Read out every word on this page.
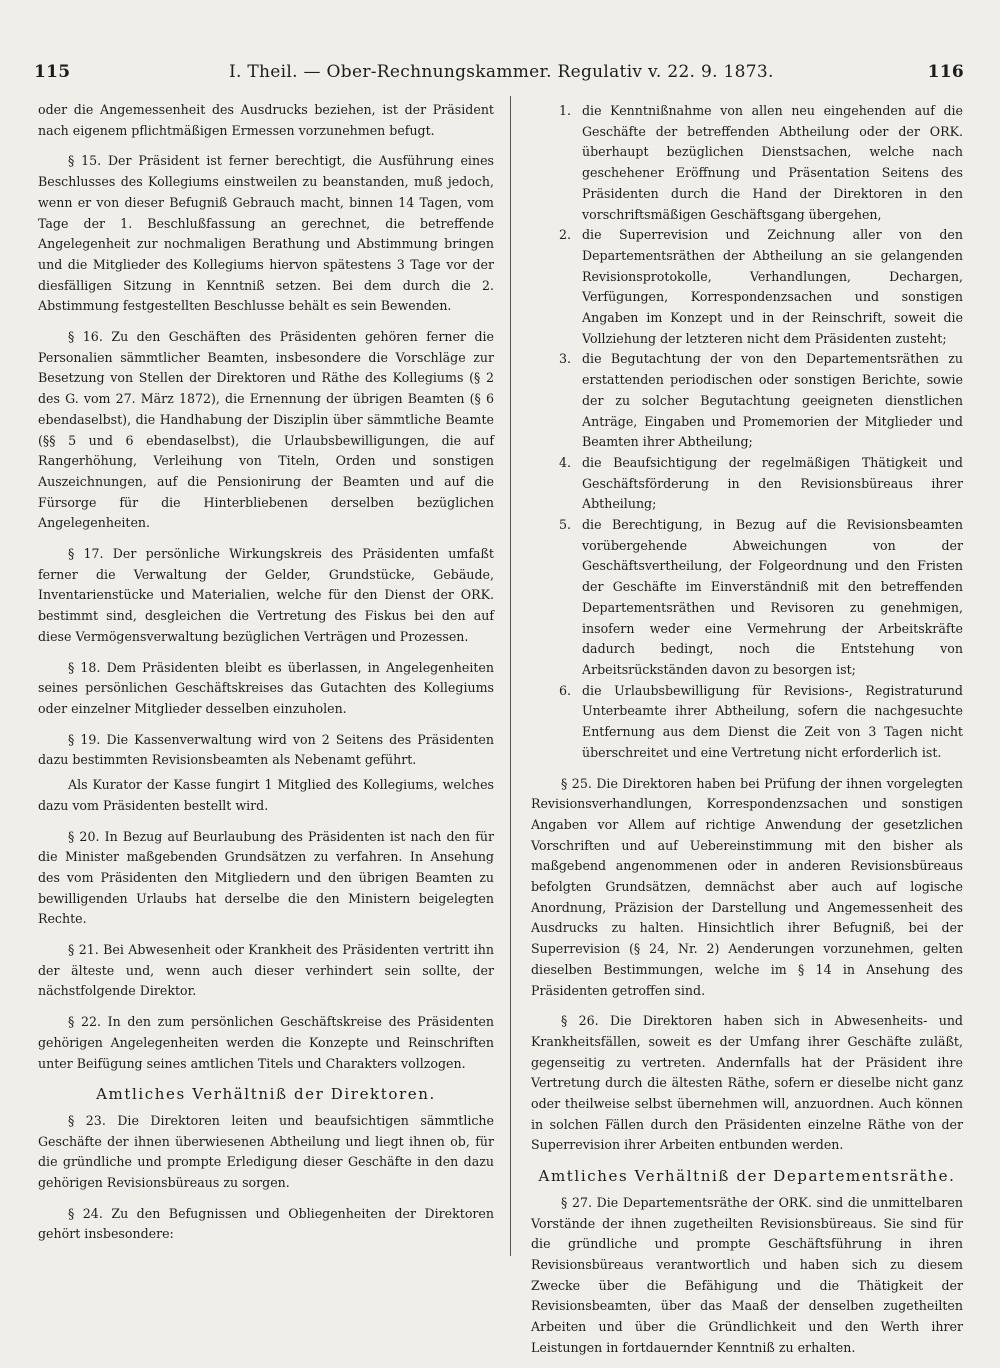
115	I. Theil. — Ober-Rechnungskammer. Regulativ v. 22. 9. 1873.	116

oder die Angemessenheit des Ausdrucks beziehen, ist der Präsident nach eigenem pflichtmäßigen Ermessen vorzunehmen befugt.

§ 15. Der Präsident ist ferner berechtigt, die Ausführung eines Beschlusses des Kollegiums einstweilen zu beanstanden, muß jedoch, wenn er von dieser Befugniß Gebrauch macht, binnen 14 Tagen, vom Tage der 1. Beschlußfassung an gerechnet, die betreffende Angelegenheit zur nochmaligen Berathung und Abstimmung bringen und die Mitglieder des Kollegiums hiervon spätestens 3 Tage vor der diesfälligen Sitzung in Kenntniß setzen. Bei dem durch die 2. Abstimmung festgestellten Beschlusse behält es sein Bewenden.

§ 16. Zu den Geschäften des Präsidenten gehören ferner die Personalien sämmtlicher Beamten, insbesondere die Vorschläge zur Besetzung von Stellen der Direktoren und Räthe des Kollegiums (§ 2 des G. vom 27. März 1872), die Ernennung der übrigen Beamten (§ 6 ebendaselbst), die Handhabung der Disziplin über sämmtliche Beamte (§§ 5 und 6 ebendaselbst), die Urlaubsbewilligungen, die auf Rangerhöhung, Verleihung von Titeln, Orden und sonstigen Auszeichnungen, auf die Pensionirung der Beamten und auf die Fürsorge für die Hinterbliebenen derselben bezüglichen Angelegenheiten.

§ 17. Der persönliche Wirkungskreis des Präsidenten umfaßt ferner die Verwaltung der Gelder, Grundstücke, Gebäude, Inventarienstücke und Materialien, welche für den Dienst der ORK. bestimmt sind, desgleichen die Vertretung des Fiskus bei den auf diese Vermögensverwaltung bezüglichen Verträgen und Prozessen.

§ 18. Dem Präsidenten bleibt es überlassen, in Angelegenheiten seines persönlichen Geschäftskreises das Gutachten des Kollegiums oder einzelner Mitglieder desselben einzuholen.

§ 19. Die Kassenverwaltung wird von 2 Seitens des Präsidenten dazu bestimmten Revisionsbeamten als Nebenamt geführt.

Als Kurator der Kasse fungirt 1 Mitglied des Kollegiums, welches dazu vom Präsidenten bestellt wird.

§ 20. In Bezug auf Beurlaubung des Präsidenten ist nach den für die Minister maßgebenden Grundsätzen zu verfahren. In Ansehung des vom Präsidenten den Mitgliedern und den übrigen Beamten zu bewilligenden Urlaubs hat derselbe die den Ministern beigelegten Rechte.

§ 21. Bei Abwesenheit oder Krankheit des Präsidenten vertritt ihn der älteste und, wenn auch dieser verhindert sein sollte, der nächstfolgende Direktor.

§ 22. In den zum persönlichen Geschäftskreise des Präsidenten gehörigen Angelegenheiten werden die Konzepte und Reinschriften unter Beifügung seines amtlichen Titels und Charakters vollzogen.

Amtliches Verhältniß der Direktoren.

§ 23. Die Direktoren leiten und beaufsichtigen sämmtliche Geschäfte der ihnen überwiesenen Abtheilung und liegt ihnen ob, für die gründliche und prompte Erledigung dieser Geschäfte in den dazu gehörigen Revisionsbüreaus zu sorgen.

§ 24. Zu den Befugnissen und Obliegenheiten der Direktoren gehört insbesondere:

1. die Kenntnißnahme von allen neu eingehenden auf die Geschäfte der betreffenden Abtheilung oder der ORK. überhaupt bezüglichen Dienstsachen, welche nach geschehener Eröffnung und Präsentation Seitens des Präsidenten durch die Hand der Direktoren in den vorschriftsmäßigen Geschäftsgang übergehen,
2. die Superrevision und Zeichnung aller von den Departementsräthen der Abtheilung an sie gelangenden Revisionsprotokolle, Verhandlungen, Dechargen, Verfügungen, Korrespondenzsachen und sonstigen Angaben im Konzept und in der Reinschrift, soweit die Vollziehung der letzteren nicht dem Präsidenten zusteht;
3. die Begutachtung der von den Departementsräthen zu erstattenden periodischen oder sonstigen Berichte, sowie der zu solcher Begutachtung geeigneten dienstlichen Anträge, Eingaben und Promemorien der Mitglieder und Beamten ihrer Abtheilung;
4. die Beaufsichtigung der regelmäßigen Thätigkeit und Geschäftsförderung in den Revisionsbüreaus ihrer Abtheilung;
5. die Berechtigung, in Bezug auf die Revisionsbeamten vorübergehende Abweichungen von der Geschäftsvertheilung, der Folgeordnung und den Fristen der Geschäfte im Einverständniß mit den betreffenden Departementsräthen und Revisoren zu genehmigen, insofern weder eine Vermehrung der Arbeitskräfte dadurch bedingt, noch die Entstehung von Arbeitsrückständen davon zu besorgen ist;
6. die Urlaubsbewilligung für Revisions-, Registraturund Unterbeamte ihrer Abtheilung, sofern die nachgesuchte Entfernung aus dem Dienst die Zeit von 3 Tagen nicht überschreitet und eine Vertretung nicht erforderlich ist.

§ 25. Die Direktoren haben bei Prüfung der ihnen vorgelegten Revisionsverhandlungen, Korrespondenzsachen und sonstigen Angaben vor Allem auf richtige Anwendung der gesetzlichen Vorschriften und auf Uebereinstimmung mit den bisher als maßgebend angenommenen oder in anderen Revisionsbüreaus befolgten Grundsätzen, demnächst aber auch auf logische Anordnung, Präzision der Darstellung und Angemessenheit des Ausdrucks zu halten. Hinsichtlich ihrer Befugniß, bei der Superrevision (§ 24, Nr. 2) Aenderungen vorzunehmen, gelten dieselben Bestimmungen, welche im § 14 in Ansehung des Präsidenten getroffen sind.

§ 26. Die Direktoren haben sich in Abwesenheits- und Krankheitsfällen, soweit es der Umfang ihrer Geschäfte zuläßt, gegenseitig zu vertreten. Andernfalls hat der Präsident ihre Vertretung durch die ältesten Räthe, sofern er dieselbe nicht ganz oder theilweise selbst übernehmen will, anzuordnen. Auch können in solchen Fällen durch den Präsidenten einzelne Räthe von der Superrevision ihrer Arbeiten entbunden werden.

Amtliches Verhältniß der Departementsräthe.

§ 27. Die Departementsräthe der ORK. sind die unmittelbaren Vorstände der ihnen zugetheilten Revisionsbüreaus. Sie sind für die gründliche und prompte Geschäftsführung in ihren Revisionsbüreaus verantwortlich und haben sich zu diesem Zwecke über die Befähigung und die Thätigkeit der Revisionsbeamten, über das Maaß der denselben zugetheilten Arbeiten und über die Gründlichkeit und den Werth ihrer Leistungen in fortdauernder Kenntniß zu erhalten.
